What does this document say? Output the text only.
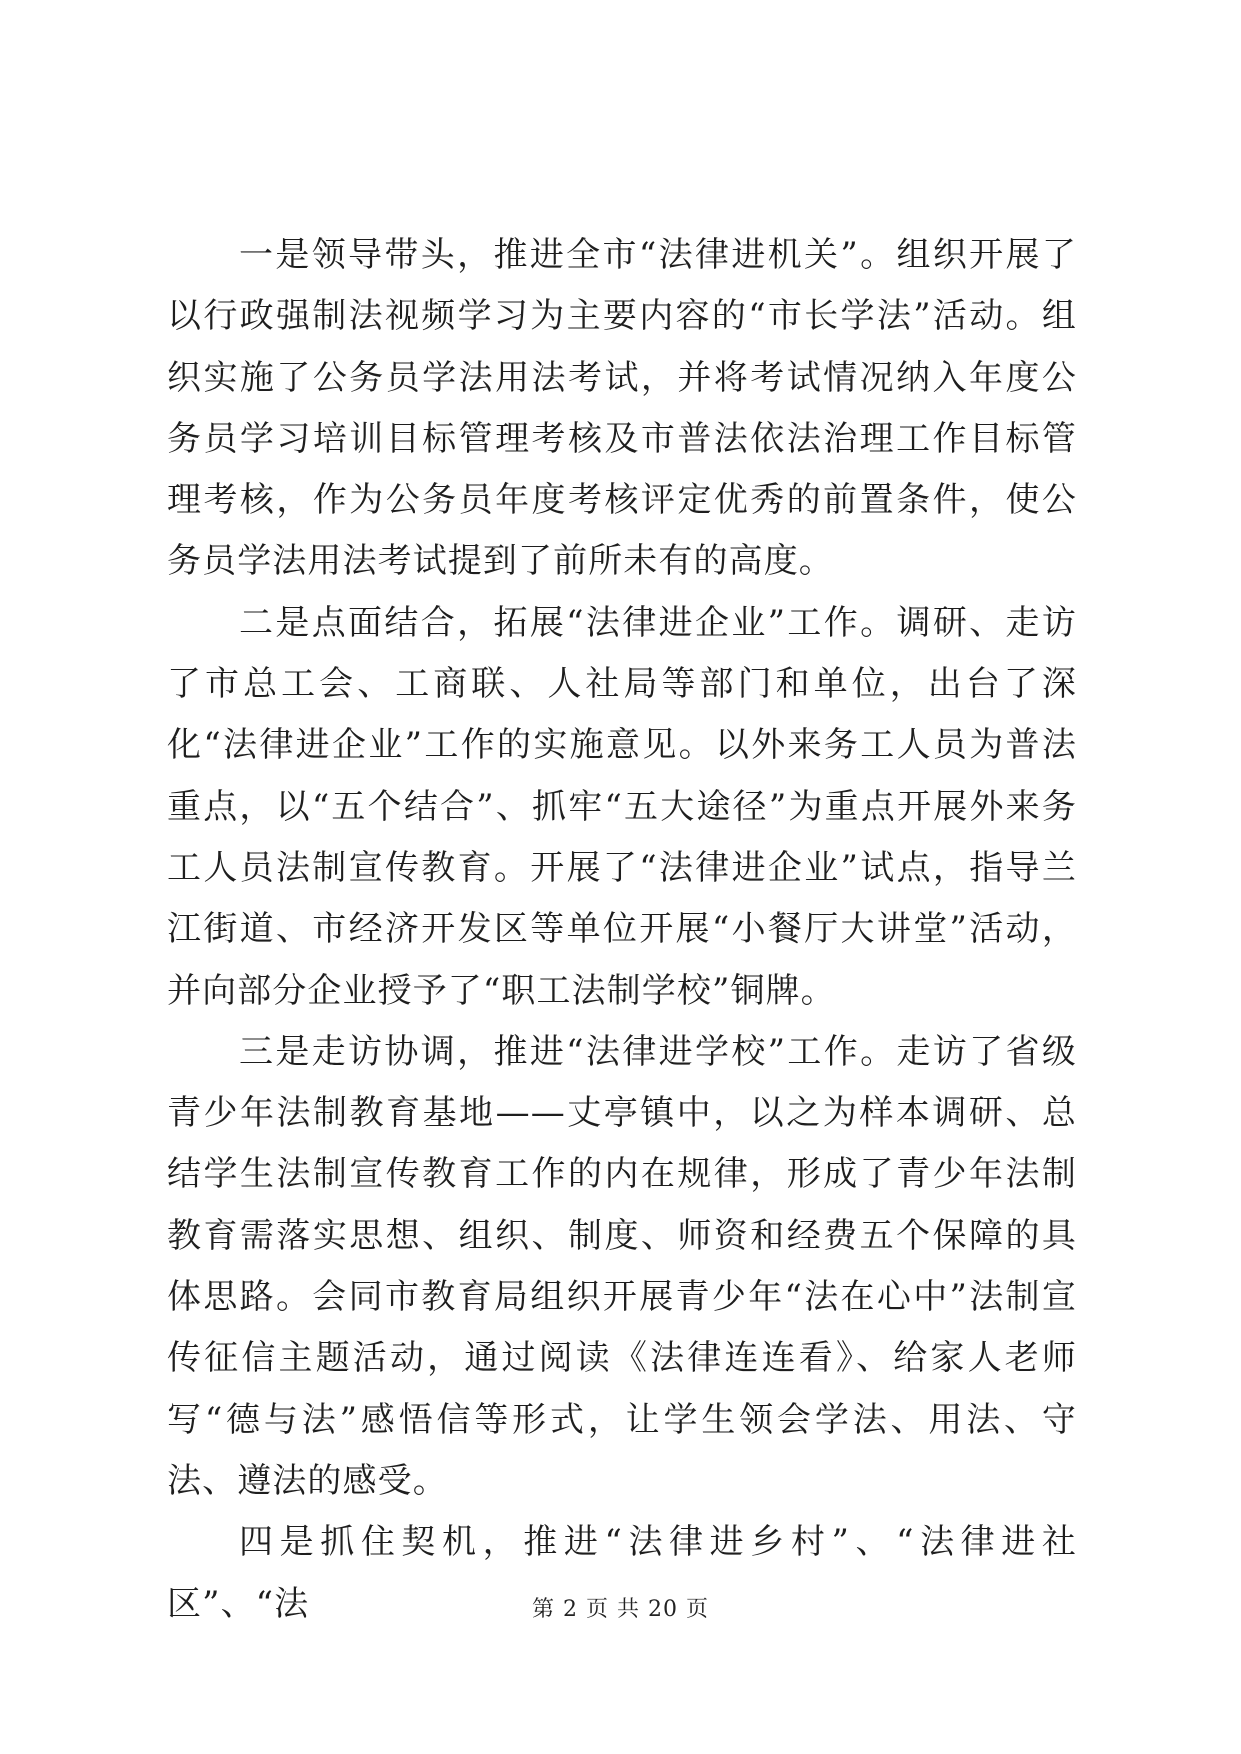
一是领导带头，推进全市“法律进机关”。组织开展了以行政强制法视频学习为主要内容的“市长学法”活动。组织实施了公务员学法用法考试，并将考试情况纳入年度公务员学习培训目标管理考核及市普法依法治理工作目标管理考核，作为公务员年度考核评定优秀的前置条件，使公务员学法用法考试提到了前所未有的高度。

二是点面结合，拓展“法律进企业”工作。调研、走访了市总工会、工商联、人社局等部门和单位，出台了深化“法律进企业”工作的实施意见。以外来务工人员为普法重点，以“五个结合”、抓牢“五大途径”为重点开展外来务工人员法制宣传教育。开展了“法律进企业”试点，指导兰江街道、市经济开发区等单位开展“小餐厅大讲堂”活动，并向部分企业授予了“职工法制学校”铜牌。

三是走访协调，推进“法律进学校”工作。走访了省级青少年法制教育基地——丈亭镇中，以之为样本调研、总结学生法制宣传教育工作的内在规律，形成了青少年法制教育需落实思想、组织、制度、师资和经费五个保障的具体思路。会同市教育局组织开展青少年“法在心中”法制宣传征信主题活动，通过阅读《法律连连看》、给家人老师写“德与法”感悟信等形式，让学生领会学法、用法、守法、遵法的感受。

四是抓住契机，推进“法律进乡村”、“法律进社区”、“法	第 2 页 共 20 页
